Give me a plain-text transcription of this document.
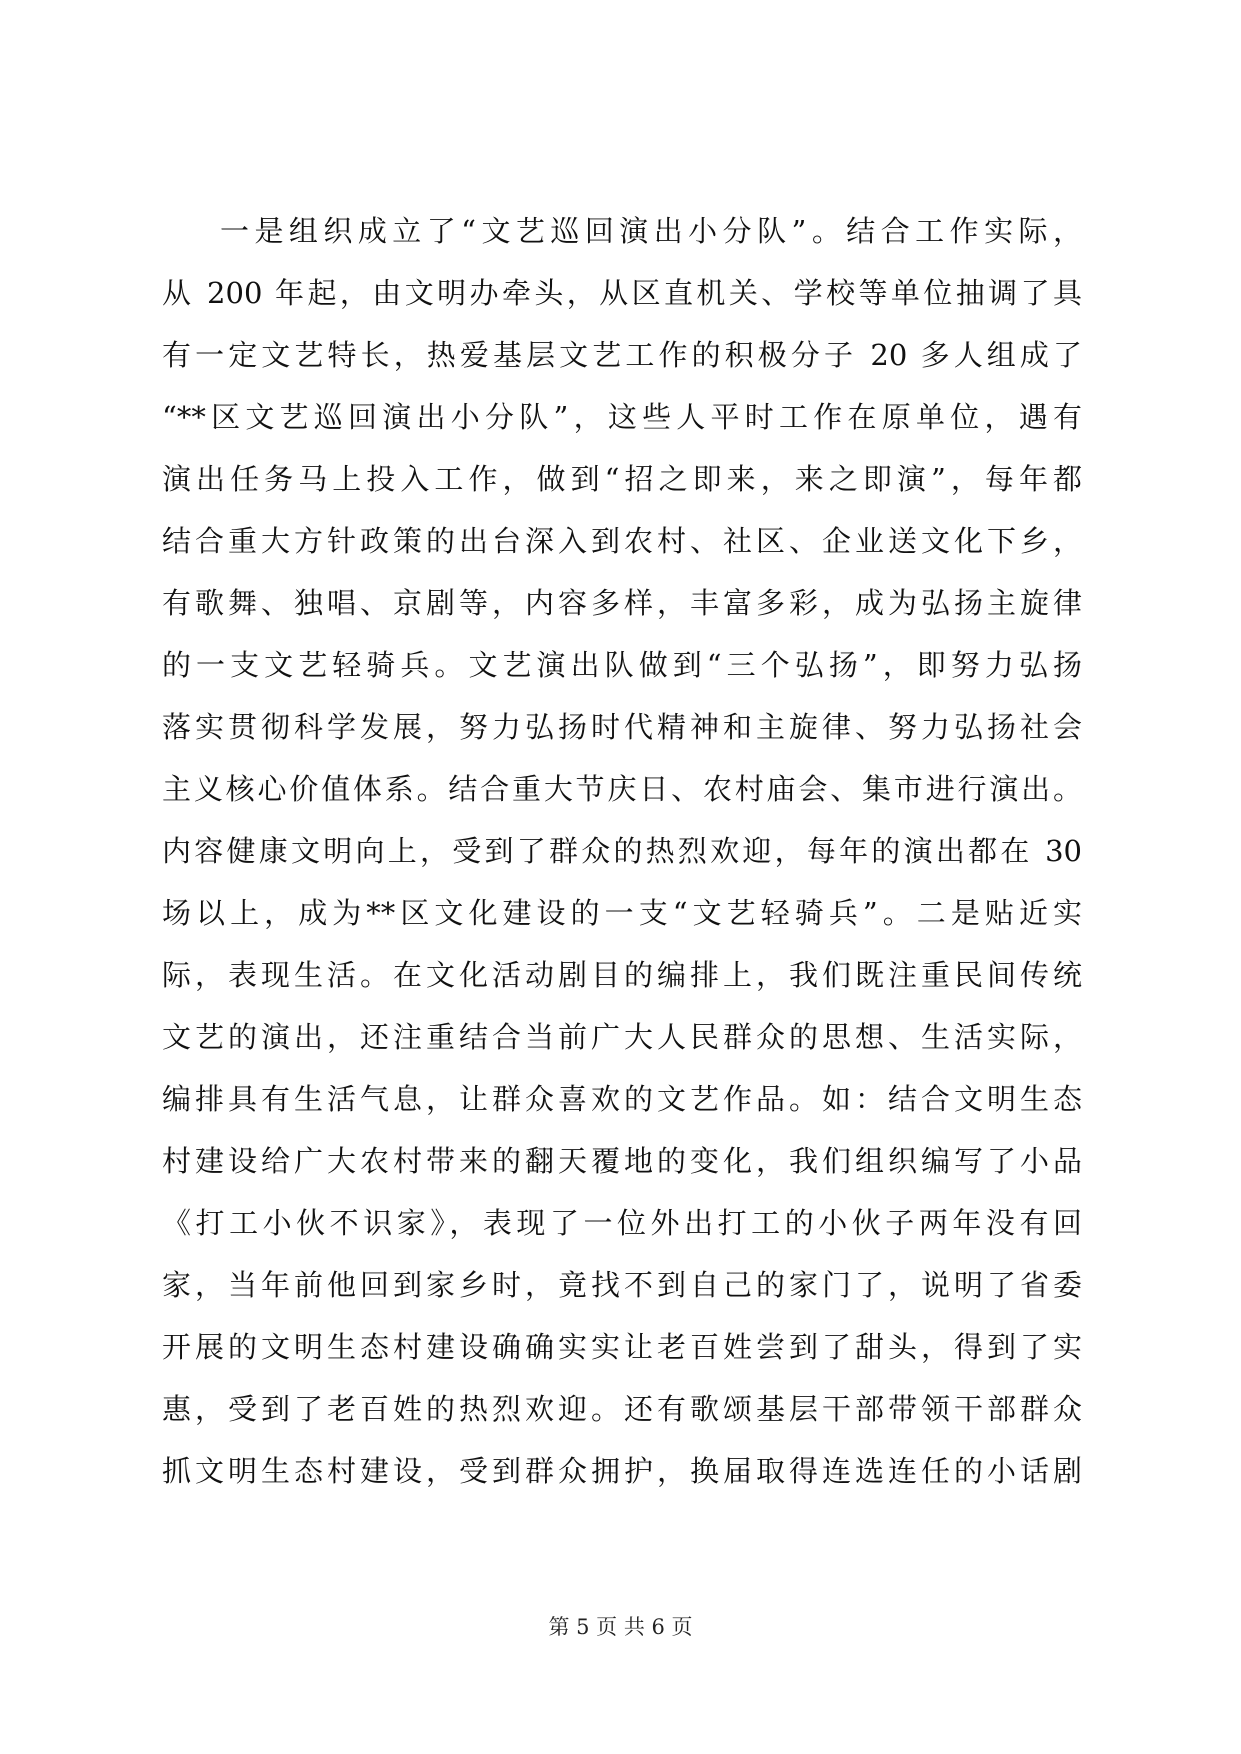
一是组织成立了“文艺巡回演出小分队”。结合工作实际，
从 200 年起，由文明办牵头，从区直机关、学校等单位抽调了具
有一定文艺特长，热爱基层文艺工作的积极分子 20 多人组成了
“**区文艺巡回演出小分队”，这些人平时工作在原单位，遇有
演出任务马上投入工作，做到“招之即来，来之即演”，每年都
结合重大方针政策的出台深入到农村、社区、企业送文化下乡，
有歌舞、独唱、京剧等，内容多样，丰富多彩，成为弘扬主旋律
的一支文艺轻骑兵。文艺演出队做到“三个弘扬”，即努力弘扬
落实贯彻科学发展，努力弘扬时代精神和主旋律、努力弘扬社会
主义核心价值体系。结合重大节庆日、农村庙会、集市进行演出。
内容健康文明向上，受到了群众的热烈欢迎，每年的演出都在 30
场以上，成为**区文化建设的一支“文艺轻骑兵”。二是贴近实
际，表现生活。在文化活动剧目的编排上，我们既注重民间传统
文艺的演出，还注重结合当前广大人民群众的思想、生活实际，
编排具有生活气息，让群众喜欢的文艺作品。如：结合文明生态
村建设给广大农村带来的翻天覆地的变化，我们组织编写了小品
《打工小伙不识家》，表现了一位外出打工的小伙子两年没有回
家，当年前他回到家乡时，竟找不到自己的家门了，说明了省委
开展的文明生态村建设确确实实让老百姓尝到了甜头，得到了实
惠，受到了老百姓的热烈欢迎。还有歌颂基层干部带领干部群众
抓文明生态村建设，受到群众拥护，换届取得连选连任的小话剧
第 5 页 共 6 页
